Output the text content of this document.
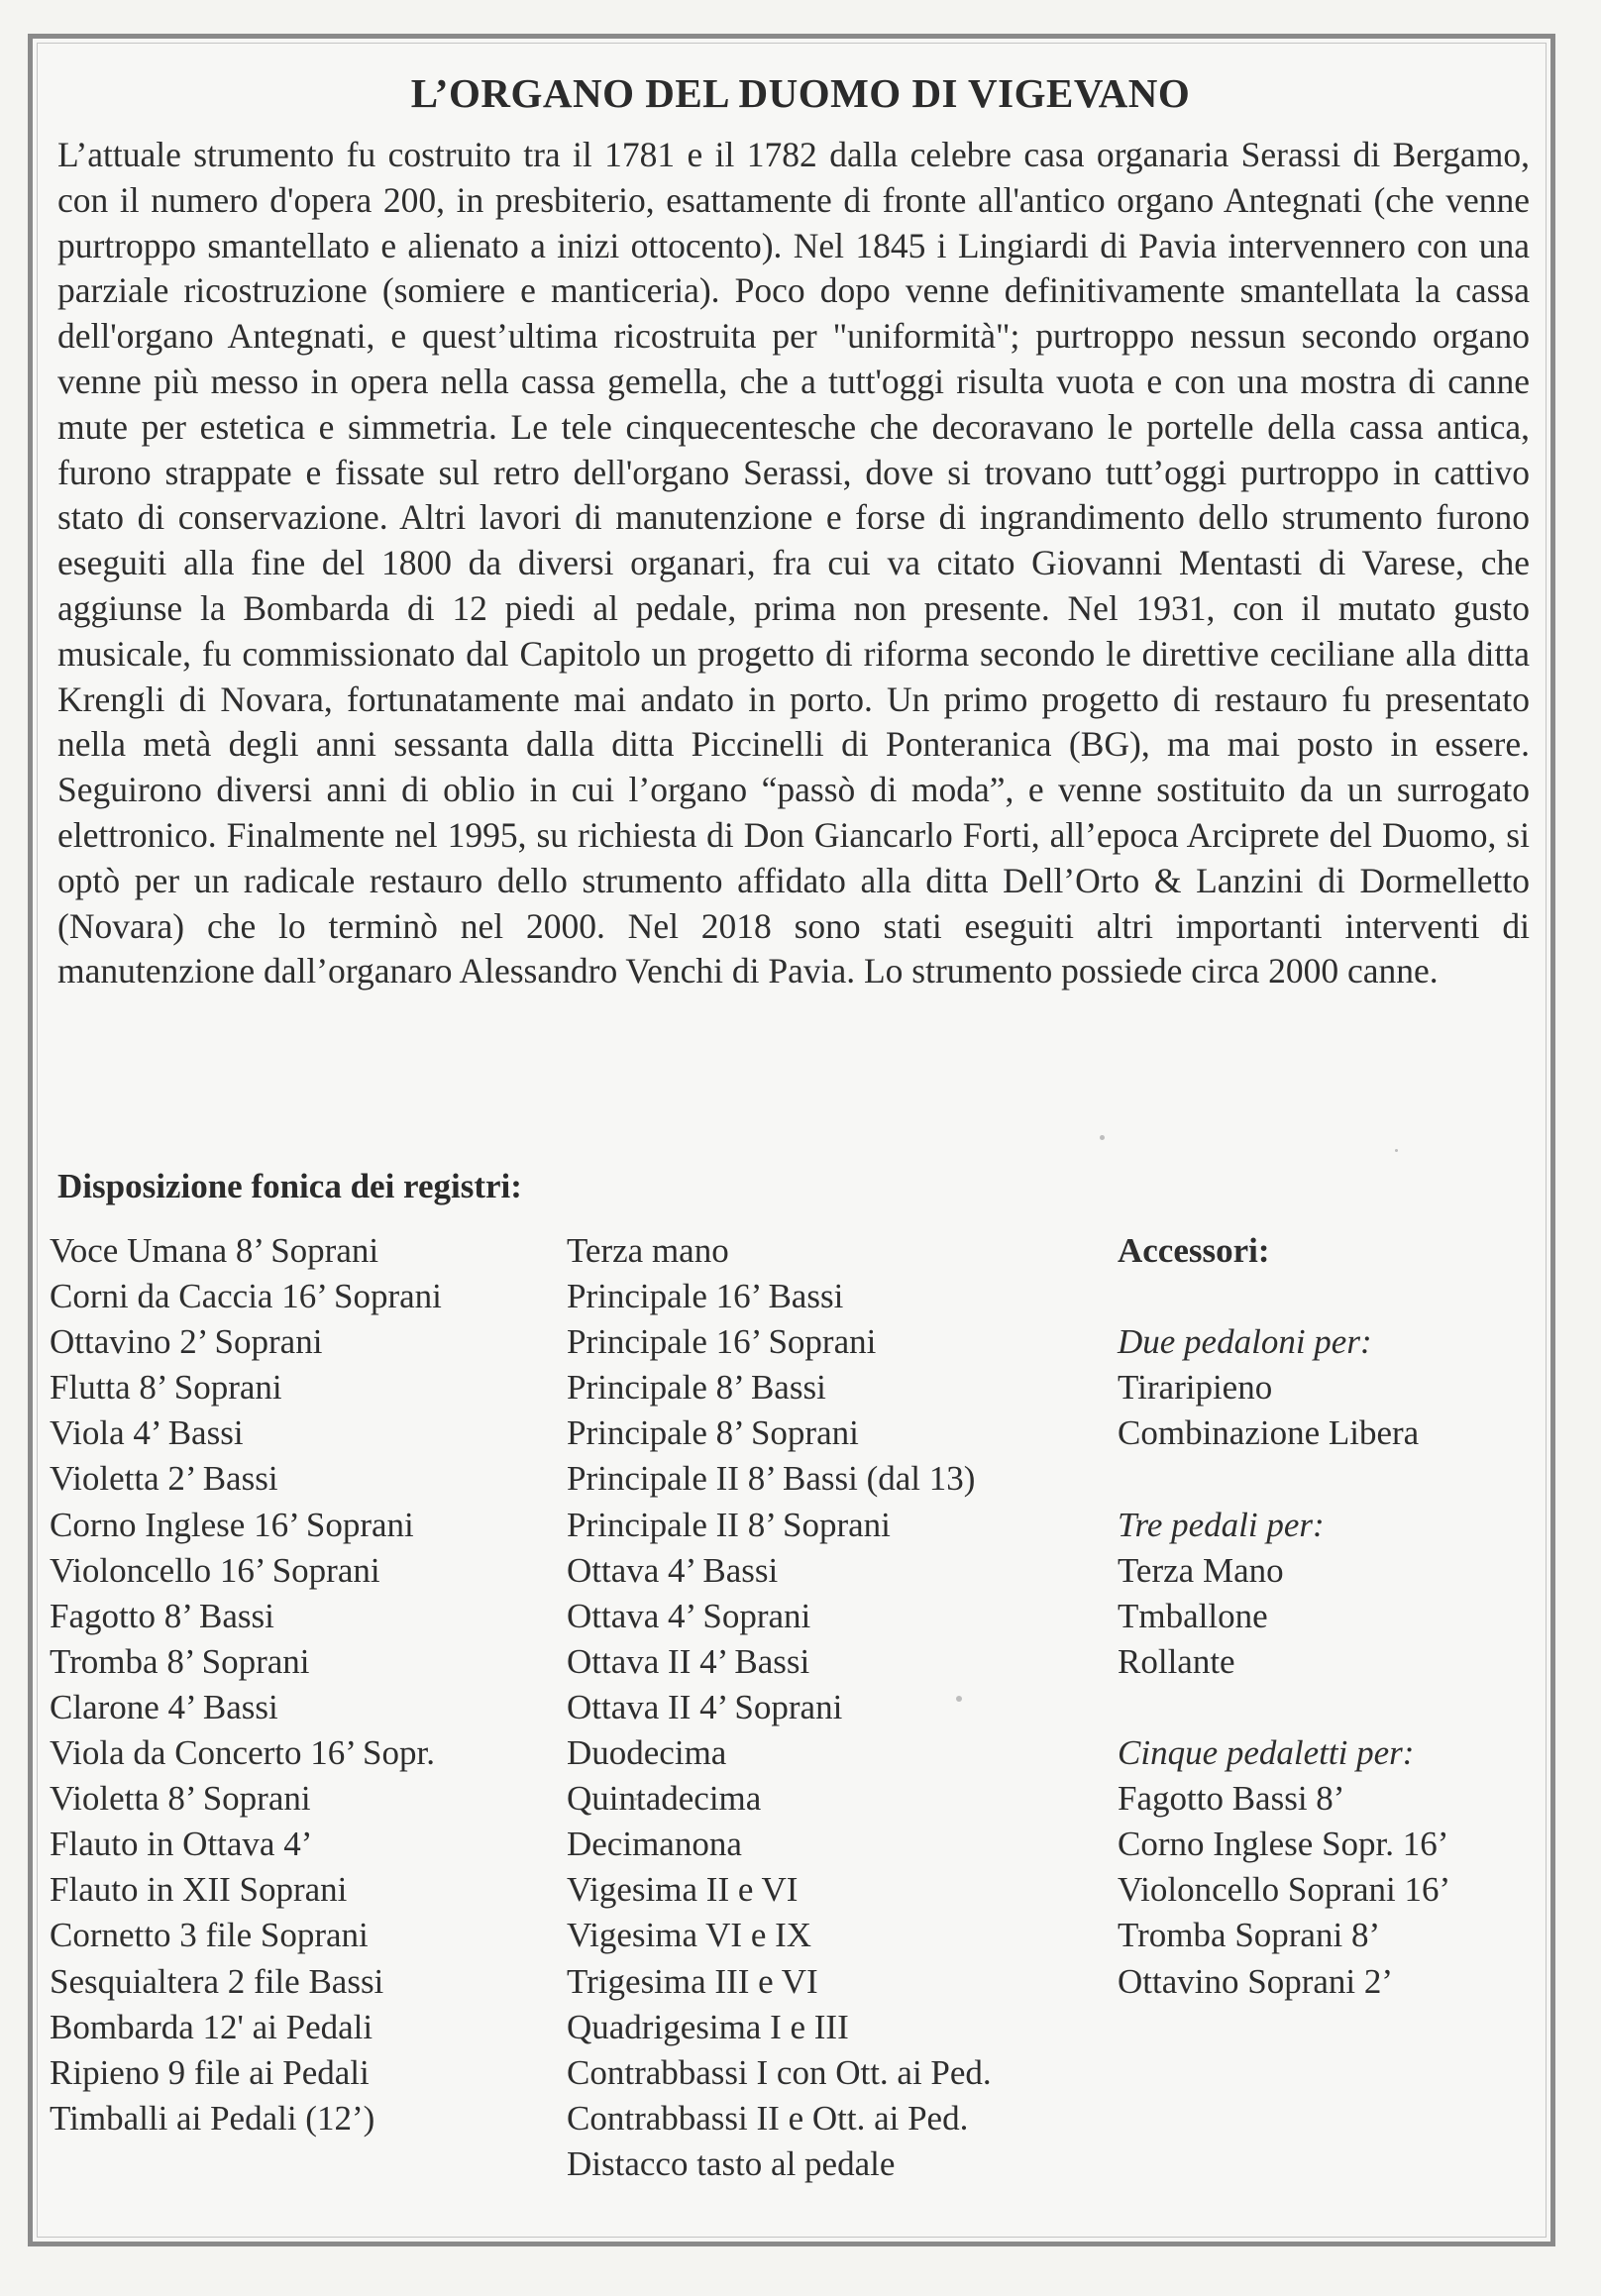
L’ORGANO DEL DUOMO DI VIGEVANO

L’attuale strumento fu costruito tra il 1781 e il 1782 dalla celebre casa organaria Serassi di Bergamo, con il numero d'opera 200, in presbiterio, esattamente di fronte all'antico organo Antegnati (che venne purtroppo smantellato e alienato a inizi ottocento). Nel 1845 i Lingiardi di Pavia intervennero con una parziale ricostruzione (somiere e manticeria). Poco dopo venne definitivamente smantellata la cassa dell'organo Antegnati, e quest’ultima ricostruita per "uniformità"; purtroppo nessun secondo organo venne più messo in opera nella cassa gemella, che a tutt'oggi risulta vuota e con una mostra di canne mute per estetica e simmetria. Le tele cinquecentesche che decoravano le portelle della cassa antica, furono strappate e fissate sul retro dell'organo Serassi, dove si trovano tutt’oggi purtroppo in cattivo stato di conservazione. Altri lavori di manutenzione e forse di ingrandimento dello strumento furono eseguiti alla fine del 1800 da diversi organari, fra cui va citato Giovanni Mentasti di Varese, che aggiunse la Bombarda di 12 piedi al pedale, prima non presente. Nel 1931, con il mutato gusto musicale, fu commissionato dal Capitolo un progetto di riforma secondo le direttive ceciliane alla ditta Krengli di Novara, fortunatamente mai andato in porto. Un primo progetto di restauro fu presentato nella metà degli anni sessanta dalla ditta Piccinelli di Ponteranica (BG), ma mai posto in essere. Seguirono diversi anni di oblio in cui l’organo “passò di moda”, e venne sostituito da un surrogato elettronico. Finalmente nel 1995, su richiesta di Don Giancarlo Forti, all’epoca Arciprete del Duomo, si optò per un radicale restauro dello strumento affidato alla ditta Dell’Orto & Lanzini di Dormelletto (Novara) che lo terminò nel 2000. Nel 2018 sono stati eseguiti altri importanti interventi di manutenzione dall’organaro Alessandro Venchi di Pavia. Lo strumento possiede circa 2000 canne.

Disposizione fonica dei registri:
Voce Umana 8’ Soprani
Corni da Caccia 16’ Soprani
Ottavino 2’ Soprani
Flutta 8’ Soprani
Viola 4’ Bassi
Violetta 2’ Bassi
Corno Inglese 16’ Soprani
Violoncello 16’ Soprani
Fagotto 8’ Bassi
Tromba 8’ Soprani
Clarone 4’ Bassi
Viola da Concerto 16’ Sopr.
Violetta 8’ Soprani
Flauto in Ottava 4’
Flauto in XII Soprani
Cornetto 3 file Soprani
Sesquialtera 2 file Bassi
Bombarda 12' ai Pedali
Ripieno 9 file ai Pedali
Timballi ai Pedali (12’)
Terza mano
Principale 16’ Bassi
Principale 16’ Soprani
Principale 8’ Bassi
Principale 8’ Soprani
Principale II 8’ Bassi (dal 13)
Principale II 8’ Soprani
Ottava 4’ Bassi
Ottava 4’ Soprani
Ottava II 4’ Bassi
Ottava II 4’ Soprani
Duodecima
Quintadecima
Decimanona
Vigesima II e VI
Vigesima VI e IX
Trigesima III e VI
Quadrigesima I e III
Contrabbassi I con Ott. ai Ped.
Contrabbassi II e Ott. ai Ped.
Distacco tasto al pedale
Accessori:
Due pedaloni per:
Tiraripieno
Combinazione Libera
Tre pedali per:
Terza Mano
Tmballone
Rollante
Cinque pedaletti per:
Fagotto Bassi 8’
Corno Inglese Sopr. 16’
Violoncello Soprani 16’
Tromba Soprani 8’
Ottavino Soprani 2’
